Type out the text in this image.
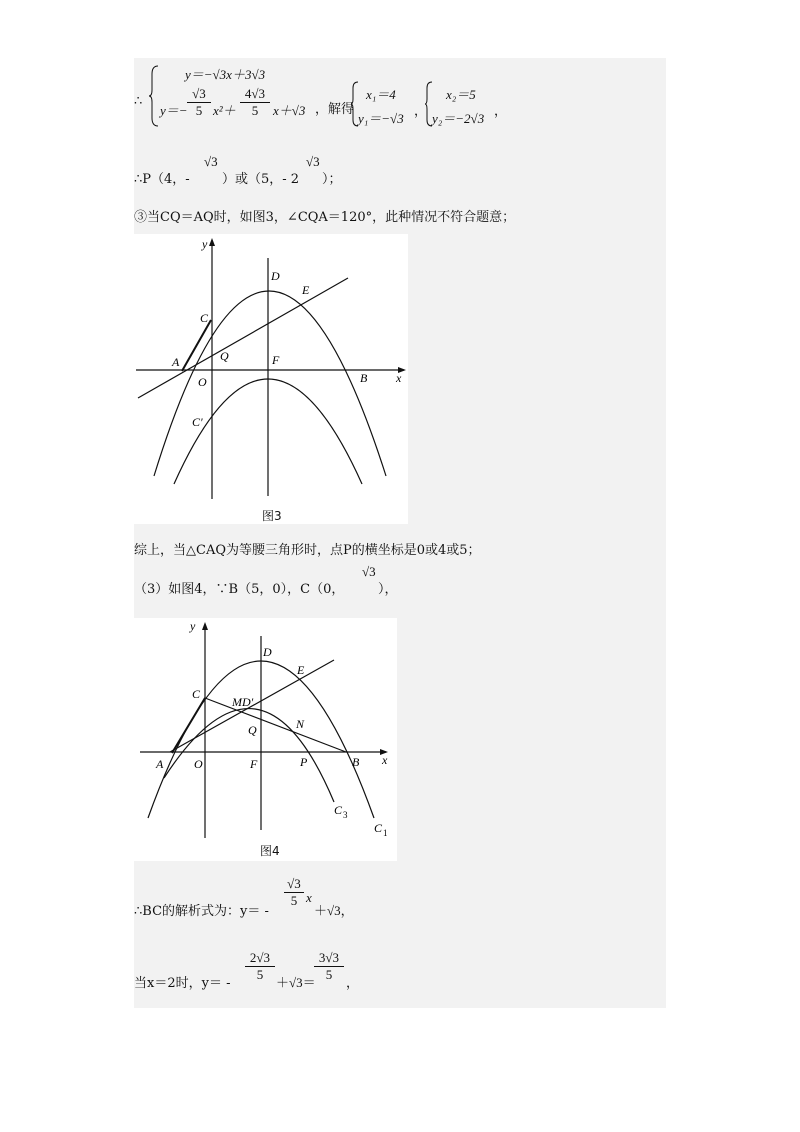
∴
y＝−√3x＋3√3
$y=- \frac{√3}{5} x^2+ \frac{4√3}{5} x+√3$ ，解得
x₁＝4
y₁＝−√3 ，
x₂＝5
y₂＝−2√3 ，
∴P（4，-
√3
）或（5，- 2
√3
）；
③当CQ＝AQ时，如图3，∠CQA＝120°，此种情况不符合题意；
y
x
D
E
C
A	Q	F
O	B
C'
图3
综上，当△CAQ为等腰三角形时，点P的横坐标是0或4或5；
（3）如图4，∵B（5，0），C（0，
√3
），
y
x
D
E
C
MD'
Q	N
A	O	F	P	B
C 3
C 1
图4
∴BC的解析式为：y＝ -
$\frac{√3}{5}$ x
＋√3，
当x＝2时，y＝ -
$\frac{2√3}{5} +√3=$
$\frac{3√3}{5}$
，
